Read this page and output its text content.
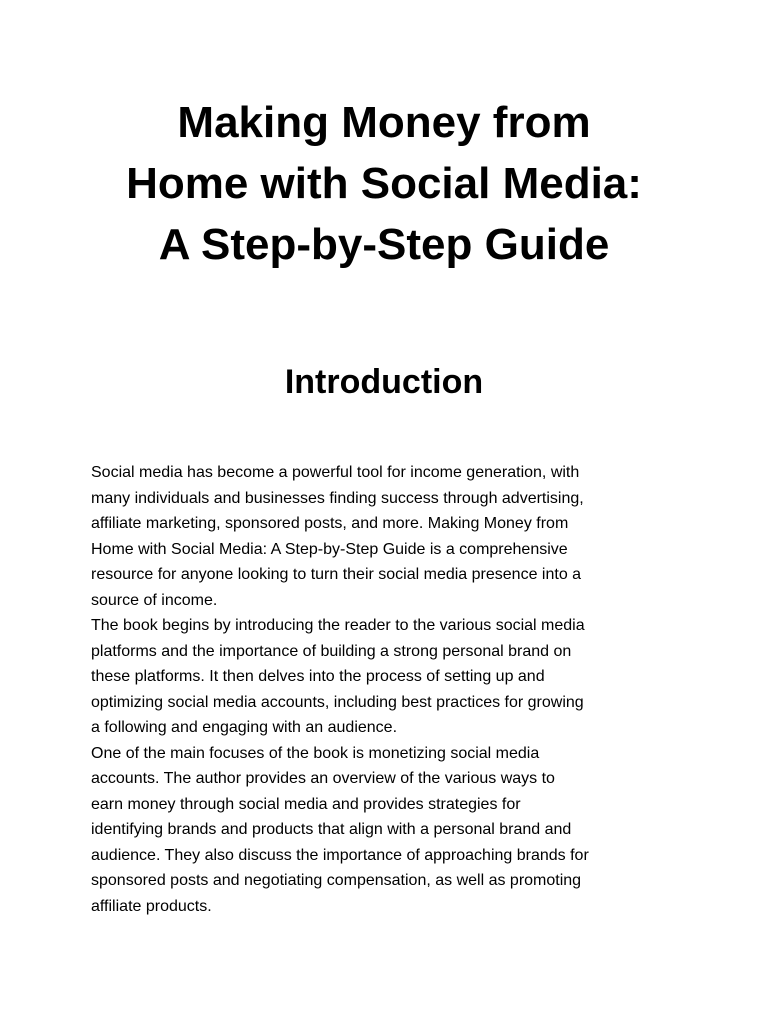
Making Money from
Home with Social Media:
A Step-by-Step Guide
Introduction
Social media has become a powerful tool for income generation, with
many individuals and businesses finding success through advertising,
affiliate marketing, sponsored posts, and more. Making Money from
Home with Social Media: A Step-by-Step Guide is a comprehensive
resource for anyone looking to turn their social media presence into a
source of income.
The book begins by introducing the reader to the various social media
platforms and the importance of building a strong personal brand on
these platforms. It then delves into the process of setting up and
optimizing social media accounts, including best practices for growing
a following and engaging with an audience.
One of the main focuses of the book is monetizing social media
accounts. The author provides an overview of the various ways to
earn money through social media and provides strategies for
identifying brands and products that align with a personal brand and
audience. They also discuss the importance of approaching brands for
sponsored posts and negotiating compensation, as well as promoting
affiliate products.
